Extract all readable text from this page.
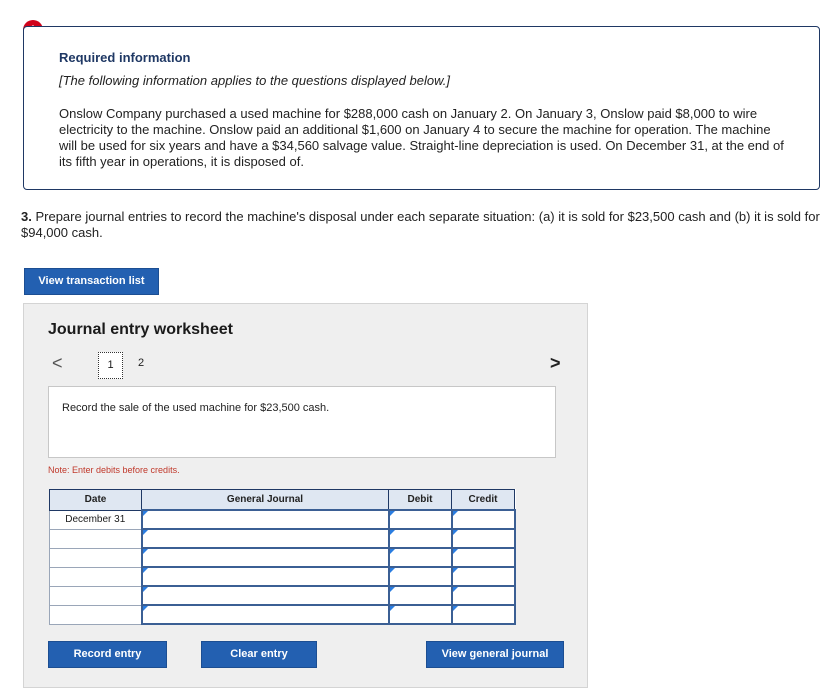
Required information
[The following information applies to the questions displayed below.]
Onslow Company purchased a used machine for $288,000 cash on January 2. On January 3, Onslow paid $8,000 to wire electricity to the machine. Onslow paid an additional $1,600 on January 4 to secure the machine for operation. The machine will be used for six years and have a $34,560 salvage value. Straight-line depreciation is used. On December 31, at the end of its fifth year in operations, it is disposed of.
3. Prepare journal entries to record the machine's disposal under each separate situation: (a) it is sold for $23,500 cash and (b) it is sold for $94,000 cash.
View transaction list
Journal entry worksheet
<	1	2	>
Record the sale of the used machine for $23,500 cash.
Note: Enter debits before credits.
Date	General Journal	Debit	Credit
December 31			

Record entry	Clear entry	View general journal
